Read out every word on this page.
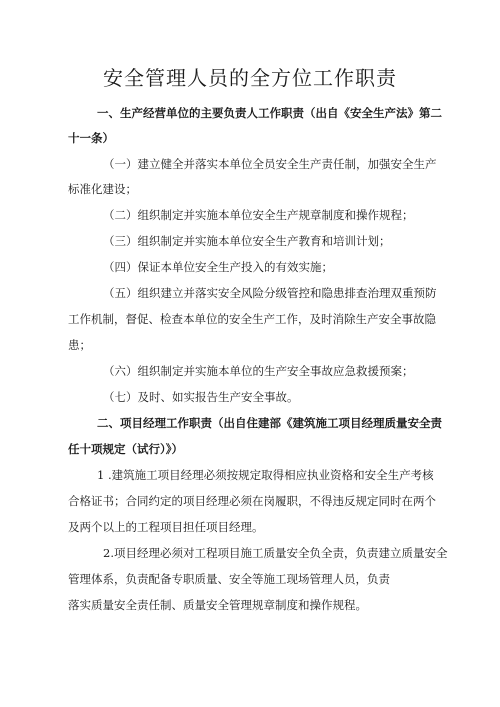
安全管理人员的全方位工作职责
一、生产经营单位的主要负责人工作职责（出自《安全生产法》第二
十一条）
（一）建立健全并落实本单位全员安全生产责任制，加强安全生产
标准化建设；
（二）组织制定并实施本单位安全生产规章制度和操作规程；
（三）组织制定并实施本单位安全生产教育和培训计划；
（四）保证本单位安全生产投入的有效实施；
（五）组织建立并落实安全风险分级管控和隐患排查治理双重预防
工作机制，督促、检查本单位的安全生产工作，及时消除生产安全事故隐
患；
（六）组织制定并实施本单位的生产安全事故应急救援预案；
（七）及时、如实报告生产安全事故。
二、项目经理工作职责（出自住建部《建筑施工项目经理质量安全责
任十项规定（试行）》）
1 .建筑施工项目经理必须按规定取得相应执业资格和安全生产考核
合格证书；合同约定的项目经理必须在岗履职，不得违反规定同时在两个
及两个以上的工程项目担任项目经理。
2.项目经理必须对工程项目施工质量安全负全责，负责建立质量安全
管理体系，负责配备专职质量、安全等施工现场管理人员，负责
落实质量安全责任制、质量安全管理规章制度和操作规程。
